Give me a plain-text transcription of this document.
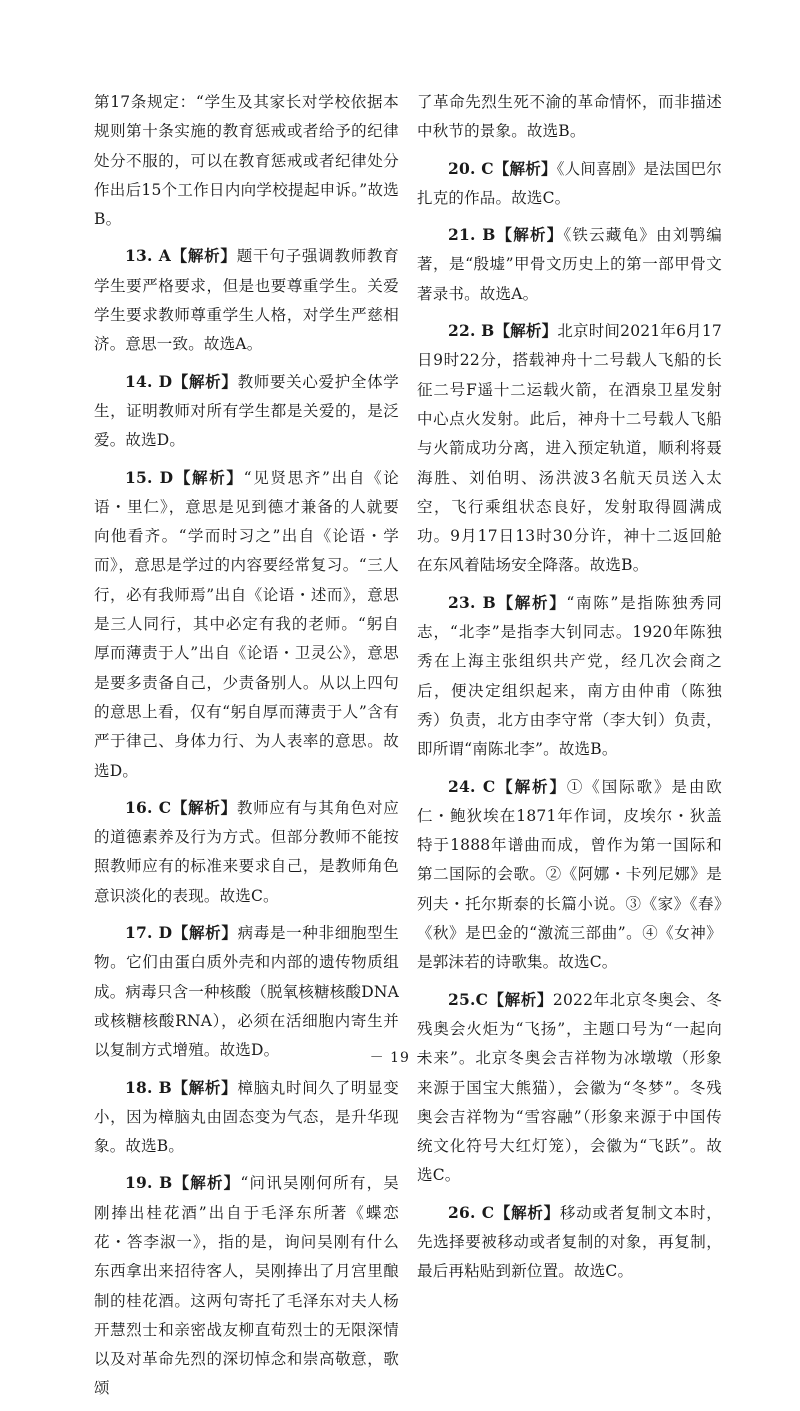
第17条规定：“学生及其家长对学校依据本规则第十条实施的教育惩戒或者给予的纪律处分不服的，可以在教育惩戒或者纪律处分作出后15个工作日内向学校提起申诉。”故选B。

13. A【解析】题干句子强调教师教育学生要严格要求，但是也要尊重学生。关爱学生要求教师尊重学生人格，对学生严慈相济。意思一致。故选A。

14. D【解析】教师要关心爱护全体学生，证明教师对所有学生都是关爱的，是泛爱。故选D。

15. D【解析】“见贤思齐”出自《论语・里仁》，意思是见到德才兼备的人就要向他看齐。“学而时习之”出自《论语・学而》，意思是学过的内容要经常复习。“三人行，必有我师焉”出自《论语・述而》，意思是三人同行，其中必定有我的老师。“躬自厚而薄责于人”出自《论语・卫灵公》，意思是要多责备自己，少责备别人。从以上四句的意思上看，仅有“躬自厚而薄责于人”含有严于律己、身体力行、为人表率的意思。故选D。

16. C【解析】教师应有与其角色对应的道德素养及行为方式。但部分教师不能按照教师应有的标准来要求自己，是教师角色意识淡化的表现。故选C。

17. D【解析】病毒是一种非细胞型生物。它们由蛋白质外壳和内部的遗传物质组成。病毒只含一种核酸（脱氧核糖核酸DNA或核糖核酸RNA），必须在活细胞内寄生并以复制方式增殖。故选D。

18. B【解析】樟脑丸时间久了明显变小，因为樟脑丸由固态变为气态，是升华现象。故选B。

19. B【解析】“问讯吴刚何所有，吴刚捧出桂花酒”出自于毛泽东所著《蝶恋花・答李淑一》，指的是，询问吴刚有什么东西拿出来招待客人，吴刚捧出了月宫里酿制的桂花酒。这两句寄托了毛泽东对夫人杨开慧烈士和亲密战友柳直荀烈士的无限深情以及对革命先烈的深切悼念和崇高敬意，歌颂

了革命先烈生死不渝的革命情怀，而非描述中秋节的景象。故选B。

20. C【解析】《人间喜剧》是法国巴尔扎克的作品。故选C。

21. B【解析】《铁云藏龟》由刘鹗编著，是“殷墟”甲骨文历史上的第一部甲骨文著录书。故选A。

22. B【解析】北京时间2021年6月17日9时22分，搭载神舟十二号载人飞船的长征二号F遥十二运载火箭，在酒泉卫星发射中心点火发射。此后，神舟十二号载人飞船与火箭成功分离，进入预定轨道，顺利将聂海胜、刘伯明、汤洪波3名航天员送入太空，飞行乘组状态良好，发射取得圆满成功。9月17日13时30分许，神十二返回舱在东风着陆场安全降落。故选B。

23. B【解析】“南陈”是指陈独秀同志，“北李”是指李大钊同志。1920年陈独秀在上海主张组织共产党，经几次会商之后，便决定组织起来，南方由仲甫（陈独秀）负责，北方由李守常（李大钊）负责，即所谓“南陈北李”。故选B。

24. C【解析】①《国际歌》是由欧仁・鲍狄埃在1871年作词，皮埃尔・狄盖特于1888年谱曲而成，曾作为第一国际和第二国际的会歌。②《阿娜・卡列尼娜》是列夫・托尔斯泰的长篇小说。③《家》《春》《秋》是巴金的“激流三部曲”。④《女神》是郭沫若的诗歌集。故选C。

25.C【解析】2022年北京冬奥会、冬残奥会火炬为“飞扬”，主题口号为“一起向未来”。北京冬奥会吉祥物为冰墩墩（形象来源于国宝大熊猫），会徽为“冬梦”。冬残奥会吉祥物为“雪容融”（形象来源于中国传统文化符号大红灯笼），会徽为“飞跃”。故选C。

26. C【解析】移动或者复制文本时，先选择要被移动或者复制的对象，再复制，最后再粘贴到新位置。故选C。

－ 19 －
